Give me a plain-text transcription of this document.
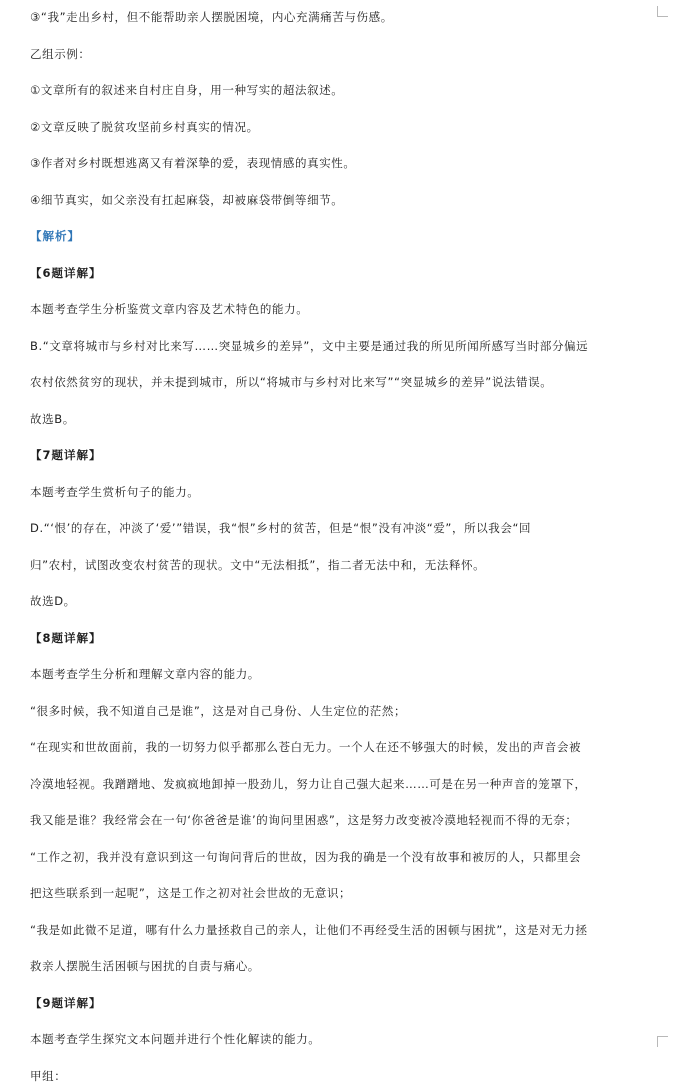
③“我”走出乡村，但不能帮助亲人摆脱困境，内心充满痛苦与伤感。
乙组示例：
①文章所有的叙述来自村庄自身，用一种写实的超法叙述。
②文章反映了脱贫攻坚前乡村真实的情况。
③作者对乡村既想逃离又有着深挚的爱，表现情感的真实性。
④细节真实，如父亲没有扛起麻袋，却被麻袋带倒等细节。
【解析】
【6题详解】
本题考查学生分析鉴赏文章内容及艺术特色的能力。
B.“文章将城市与乡村对比来写……突显城乡的差异”，文中主要是通过我的所见所闻所感写当时部分偏远
农村依然贫穷的现状，并未提到城市，所以“将城市与乡村对比来写”“突显城乡的差异”说法错误。
故选B。
【7题详解】
本题考查学生赏析句子的能力。
D.“‘恨’的存在，冲淡了‘爱’”错误，我“恨”乡村的贫苦，但是“恨”没有冲淡“爱”，所以我会“回
归”农村，试图改变农村贫苦的现状。文中“无法相抵”，指二者无法中和，无法释怀。
故选D。
【8题详解】
本题考查学生分析和理解文章内容的能力。
“很多时候，我不知道自己是谁”，这是对自己身份、人生定位的茫然；
“在现实和世故面前，我的一切努力似乎都那么苍白无力。一个人在还不够强大的时候，发出的声音会被
冷漠地轻视。我蹭蹭地、发疯疯地卸掉一股劲儿，努力让自己强大起来……可是在另一种声音的笼罩下，
我又能是谁？我经常会在一句‘你爸爸是谁’的询问里困惑”，这是努力改变被冷漠地轻视而不得的无奈；
“工作之初，我并没有意识到这一句询问背后的世故，因为我的确是一个没有故事和被厉的人，只都里会
把这些联系到一起呢”，这是工作之初对社会世故的无意识；
“我是如此微不足道，哪有什么力量拯救自己的亲人，让他们不再经受生活的困顿与困扰”，这是对无力拯
救亲人摆脱生活困顿与困扰的自责与痛心。
【9题详解】
本题考查学生探究文本问题并进行个性化解读的能力。
甲组：
